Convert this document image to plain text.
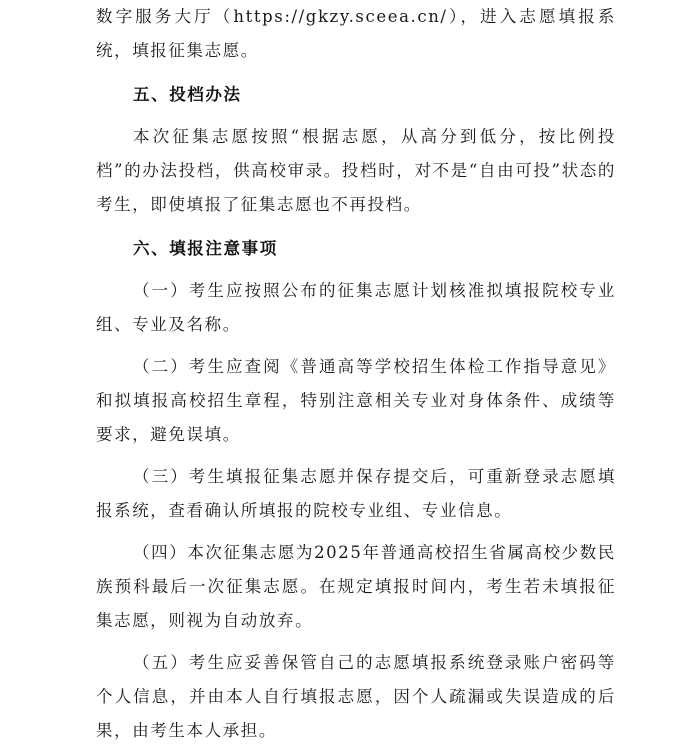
数字服务大厅（https://gkzy.sceea.cn/），进入志愿填报系统，填报征集志愿。

五、投档办法

本次征集志愿按照“根据志愿，从高分到低分，按比例投档”的办法投档，供高校审录。投档时，对不是“自由可投”状态的考生，即使填报了征集志愿也不再投档。

六、填报注意事项

（一）考生应按照公布的征集志愿计划核准拟填报院校专业组、专业及名称。

（二）考生应查阅《普通高等学校招生体检工作指导意见》和拟填报高校招生章程，特别注意相关专业对身体条件、成绩等要求，避免误填。

（三）考生填报征集志愿并保存提交后，可重新登录志愿填报系统，查看确认所填报的院校专业组、专业信息。

（四）本次征集志愿为2025年普通高校招生省属高校少数民族预科最后一次征集志愿。在规定填报时间内，考生若未填报征集志愿，则视为自动放弃。

（五）考生应妥善保管自己的志愿填报系统登录账户密码等个人信息，并由本人自行填报志愿，因个人疏漏或失误造成的后果，由考生本人承担。
